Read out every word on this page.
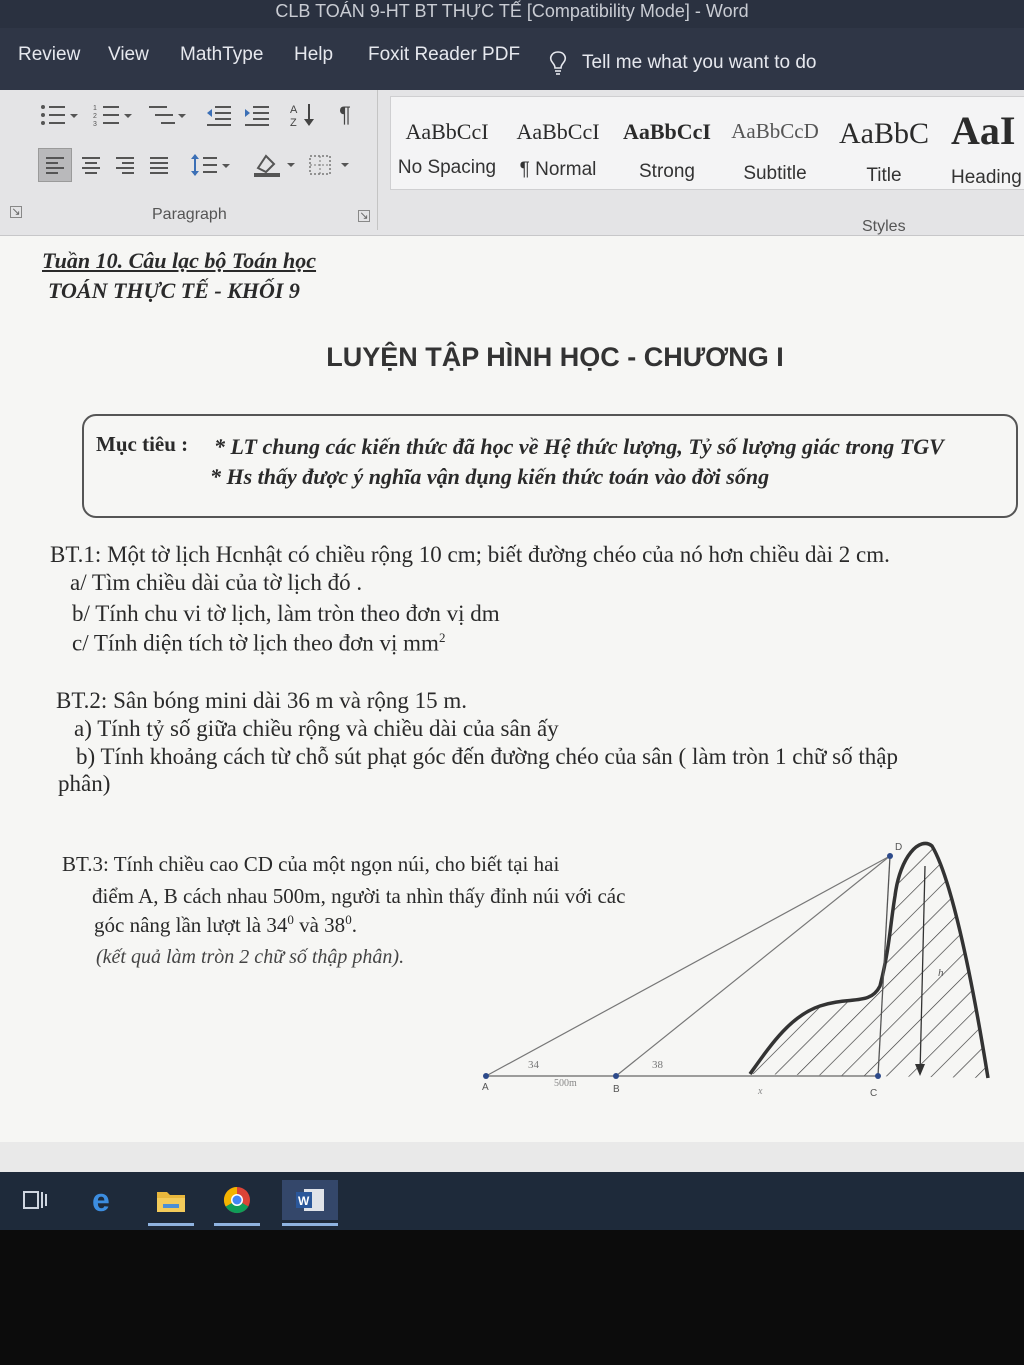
CLB TOÁN 9-HT BT THỰC TẾ [Compatibility Mode] - Word
Review View MathType Help Foxit Reader PDF	Tell me what you want to do
1
2
3
A
Z	¶
↘	Paragraph	↘
AaBbCcI
No Spacing
AaBbCcI
¶ Normal
AaBbCcI
Strong
AaBbCcD
Subtitle
AaBbC
Title
AaI
Heading
Styles
Tuần 10. Câu lạc bộ Toán học
TOÁN THỰC TẾ - KHỐI 9
LUYỆN TẬP HÌNH HỌC - CHƯƠNG I
Mục tiêu : * LT chung các kiến thức đã học về Hệ thức lượng, Tỷ số lượng giác trong TGV
* Hs thấy được ý nghĩa vận dụng kiến thức toán vào đời sống
BT.1: Một tờ lịch Hcnhật có chiều rộng 10 cm; biết đường chéo của nó hơn chiều dài 2 cm.
a/ Tìm chiều dài của tờ lịch đó .
b/ Tính chu vi tờ lịch, làm tròn theo đơn vị dm
c/ Tính diện tích tờ lịch theo đơn vị $mm^2$
BT.2: Sân bóng mini dài 36 m và rộng 15 m.
a) Tính tỷ số giữa chiều rộng và chiều dài của sân ấy
b) Tính khoảng cách từ chỗ sút phạt góc đến đường chéo của sân ( làm tròn 1 chữ số thập
phân)
BT.3: Tính chiều cao CD của một ngọn núi, cho biết tại hai
điểm A, B cách nhau 500m, người ta nhìn thấy đỉnh núi với các
góc nâng lần lượt là $34^0$ và $38^0$.
(kết quả làm tròn 2 chữ số thập phân).
A	B	C
D
34	38
500m
x
h
e	W
